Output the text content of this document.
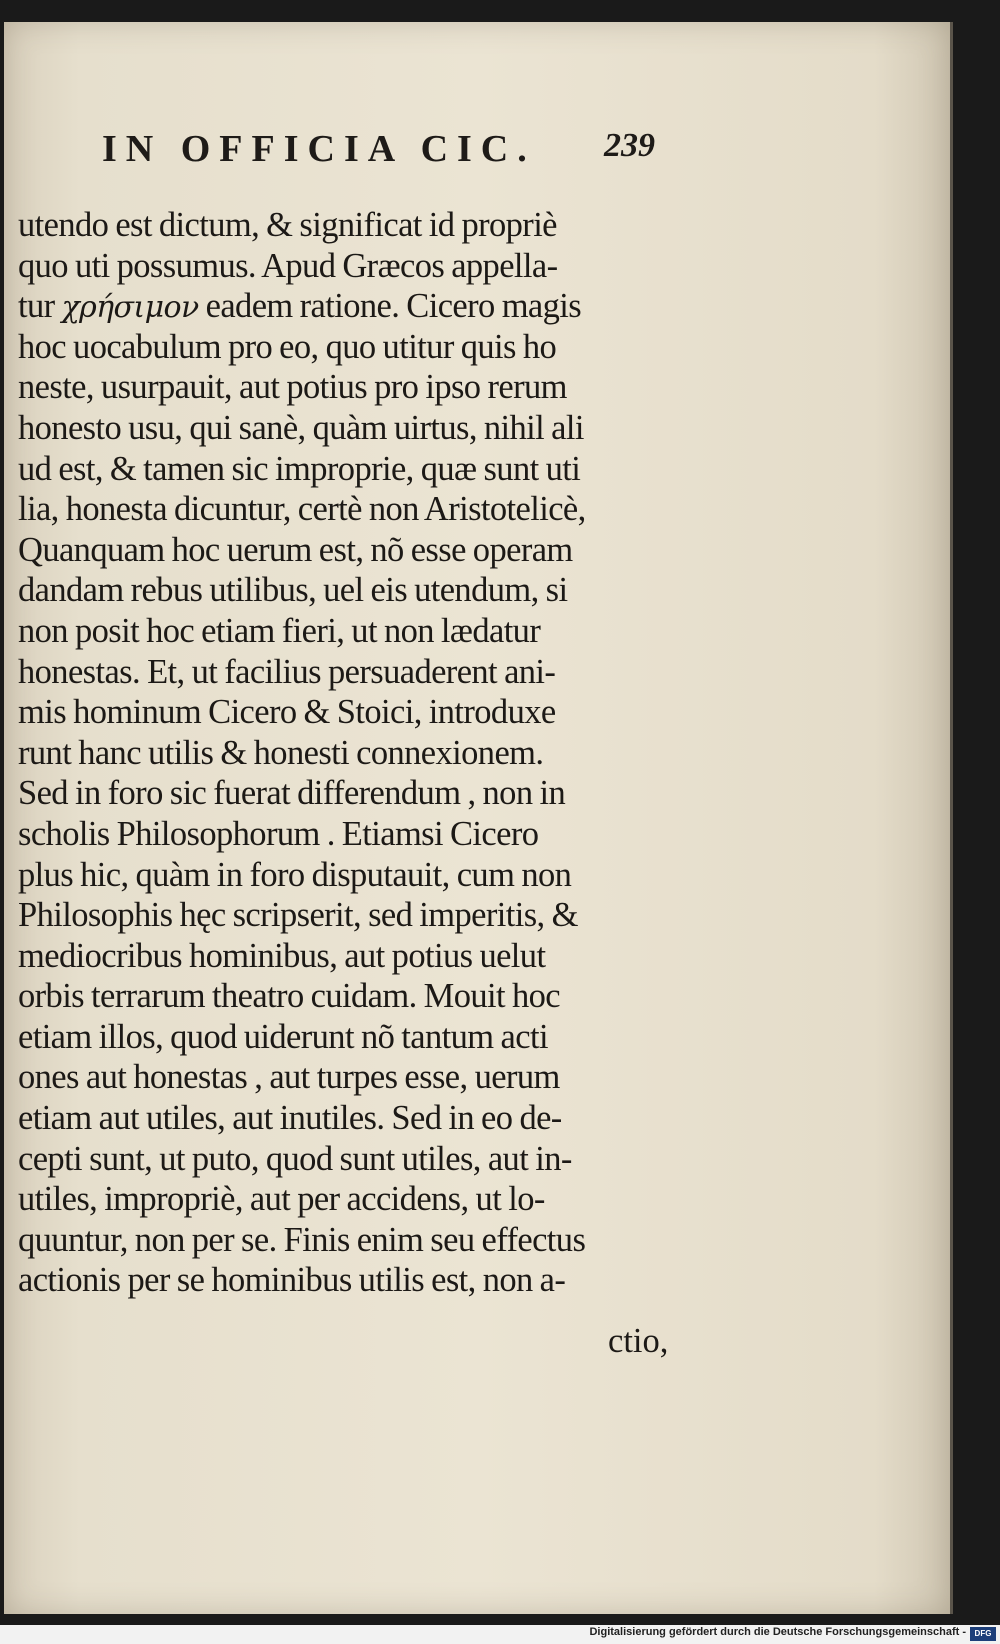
IN OFFICIA CIC. 239
utendo est dictum, & significat id propriè
quo uti possumus. Apud Græcos appella-
tur χρήσιμον eadem ratione. Cicero magis
hoc uocabulum pro eo, quo utitur quis ho
neste, usurpauit, aut potius pro ipso rerum
honesto usu, qui sanè, quàm uirtus, nihil ali
ud est, & tamen sic improprie, quæ sunt uti
lia, honesta dicuntur, certè non Aristotelicè,
Quanquam hoc uerum est, nõ esse operam
dandam rebus utilibus, uel eis utendum, si
non posit hoc etiam fieri, ut non lædatur
honestas. Et, ut facilius persuaderent ani-
mis hominum Cicero & Stoici, introduxe
runt hanc utilis & honesti connexionem.
Sed in foro sic fuerat differendum , non in
scholis Philosophorum . Etiamsi Cicero
plus hic, quàm in foro disputauit, cum non
Philosophis hęc scripserit, sed imperitis, &
mediocribus hominibus, aut potius uelut
orbis terrarum theatro cuidam. Mouit hoc
etiam illos, quod uiderunt nõ tantum acti
ones aut honestas , aut turpes esse, uerum
etiam aut utiles, aut inutiles. Sed in eo de-
cepti sunt, ut puto, quod sunt utiles, aut in-
utiles, impropriè, aut per accidens, ut lo-
quuntur, non per se. Finis enim seu effectus
actionis per se hominibus utilis est, non a-
ctio,
Digitalisierung gefördert durch die Deutsche Forschungsgemeinschaft -	DFG
